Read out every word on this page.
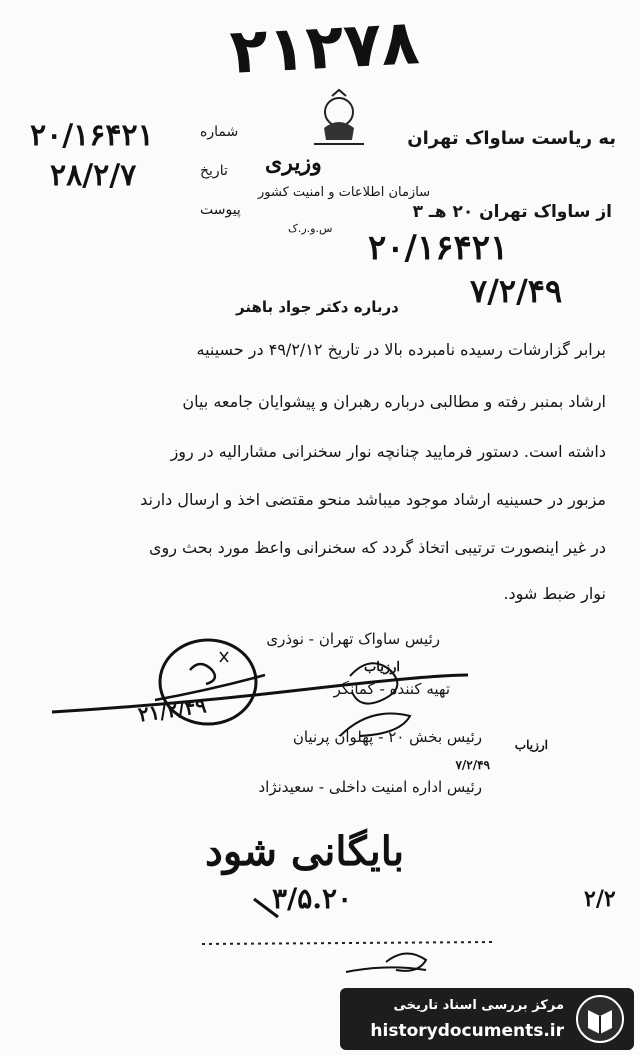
۲۱۲۷۸
به ریاست ساواک تهران
وزیری
سازمان اطلاعات و امنیت کشور
س.و.ر.ک
شماره
تاریخ
پیوست
۲۰/۱۶۴۲۱
۲۸/۲/۷
از ساواک تهران ۲۰ هـ ۳
۲۰/۱۶۴۲۱
۷/۲/۴۹
درباره دکتر جواد باهنر
برابر گزارشات رسیده نامبرده بالا در تاریخ ۴۹/۲/۱۲ در حسینیه
ارشاد بمنبر رفته و مطالبی درباره رهبران و پیشوایان جامعه بیان
داشته است. دستور فرمایید چنانچه نوار سخنرانی مشارالیه در روز
مزبور در حسینیه ارشاد موجود میباشد منحو مقتضی اخذ و ارسال دارند
در غیر اینصورت ترتیبی اتخاذ گردد که سخنرانی واعظ مورد بحث روی
نوار ضبط شود.
رئیس ساواک تهران - نوذری
تهیه کننده - کمانگر
ارزیاب
رئیس بخش ۲۰ - پهلوان پرنیان	ارزیاب
۷/۲/۴۹
رئیس اداره امنیت داخلی - سعیدنژاد
۲۱/۲/۴۹
بایگانی شود
۳/۵.۲۰	۲/۲
مرکز بررسی اسناد تاریخی
historydocuments.ir
